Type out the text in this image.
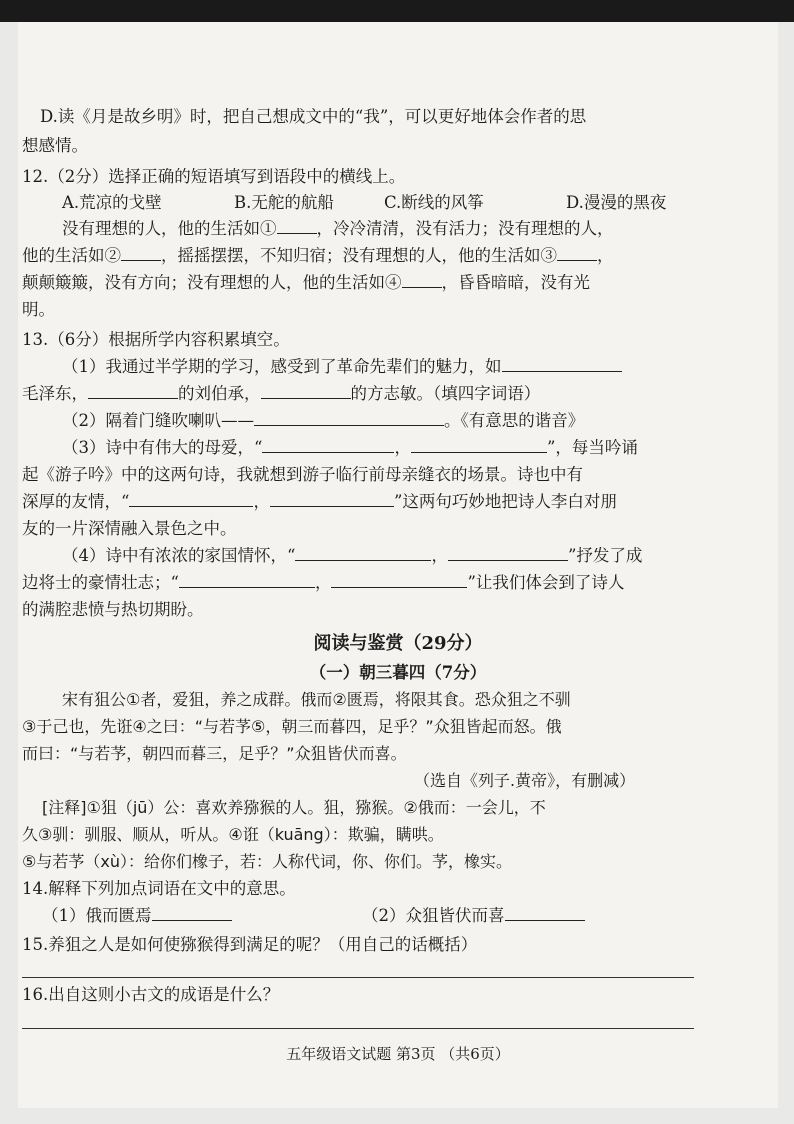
D.读《月是故乡明》时，把自己想成文中的“我”，可以更好地体会作者的思
想感情。
12.（2分）选择正确的短语填写到语段中的横线上。
A.荒凉的戈壁	B.无舵的航船	C.断线的风筝	D.漫漫的黑夜
没有理想的人，他的生活如① ，冷冷清清，没有活力；没有理想的人，
他的生活如② ，摇摇摆摆，不知归宿；没有理想的人，他的生活如③ ，
颠颠簸簸，没有方向；没有理想的人，他的生活如④ ，昏昏暗暗，没有光
明。
13.（6分）根据所学内容积累填空。
（1）我通过半学期的学习，感受到了革命先辈们的魅力，如
毛泽东，	的刘伯承，	的方志敏。（填四字词语）
（2）隔着门缝吹喇叭——	。《有意思的谐音》
（3）诗中有伟大的母爱，“	，	”，每当吟诵
起《游子吟》中的这两句诗，我就想到游子临行前母亲缝衣的场景。诗也中有
深厚的友情，“	，	”这两句巧妙地把诗人李白对朋
友的一片深情融入景色之中。
（4）诗中有浓浓的家国情怀，“	，	”抒发了成
边将士的豪情壮志；“	，	”让我们体会到了诗人
的满腔悲愤与热切期盼。
阅读与鉴赏（29分）
（一）朝三暮四（7分）
宋有狙公①者，爱狙，养之成群。俄而②匮焉，将限其食。恐众狙之不驯
③于己也，先诳④之曰：“与若芧⑤，朝三而暮四，足乎？”众狙皆起而怒。俄
而曰：“与若芧，朝四而暮三，足乎？”众狙皆伏而喜。
（选自《列子.黄帝》，有删减）
[注释]①狙（jū）公：喜欢养猕猴的人。狙，猕猴。②俄而：一会儿，不
久③驯：驯服、顺从，听从。④诳（kuāng）：欺骗，瞒哄。
⑤与若芧（xù）：给你们橡子，若：人称代词，你、你们。芧，橡实。
14.解释下列加点词语在文中的意思。
（1）俄而匮焉	（2）众狙皆伏而喜
15.养狙之人是如何使猕猴得到满足的呢？（用自己的话概括）
16.出自这则小古文的成语是什么？
五年级语文试题 第3页 （共6页）
